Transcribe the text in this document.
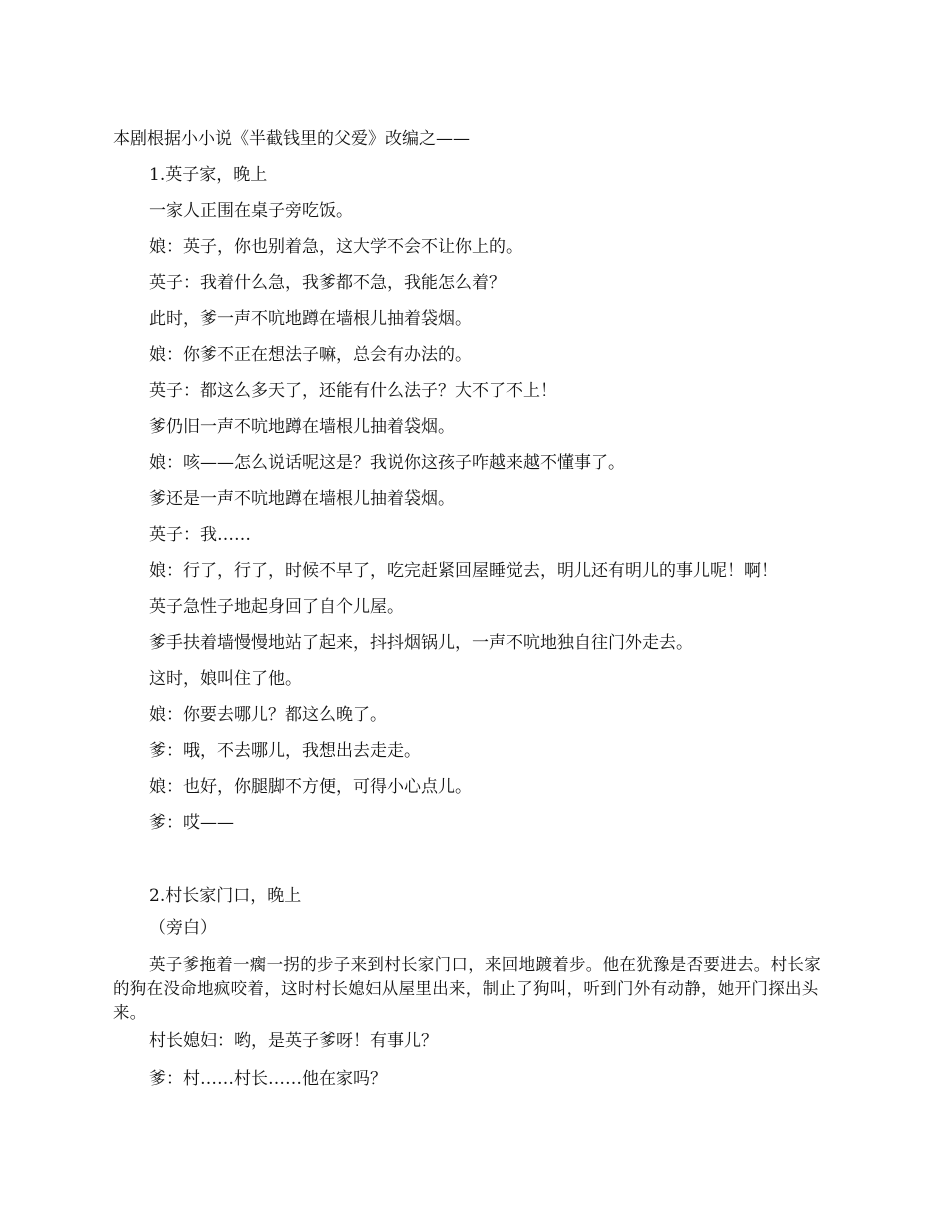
本剧根据小小说《半截钱里的父爱》改编之——
1.英子家，晚上
一家人正围在桌子旁吃饭。
娘：英子，你也别着急，这大学不会不让你上的。
英子：我着什么急，我爹都不急，我能怎么着？
此时，爹一声不吭地蹲在墙根儿抽着袋烟。
娘：你爹不正在想法子嘛，总会有办法的。
英子：都这么多天了，还能有什么法子？大不了不上！
爹仍旧一声不吭地蹲在墙根儿抽着袋烟。
娘：咳——怎么说话呢这是？我说你这孩子咋越来越不懂事了。
爹还是一声不吭地蹲在墙根儿抽着袋烟。
英子：我……
娘：行了，行了，时候不早了，吃完赶紧回屋睡觉去，明儿还有明儿的事儿呢！啊！
英子急性子地起身回了自个儿屋。
爹手扶着墙慢慢地站了起来，抖抖烟锅儿，一声不吭地独自往门外走去。
这时，娘叫住了他。
娘：你要去哪儿？都这么晚了。
爹：哦，不去哪儿，我想出去走走。
娘：也好，你腿脚不方便，可得小心点儿。
爹：哎——
2.村长家门口，晚上
（旁白）
英子爹拖着一瘸一拐的步子来到村长家门口，来回地踱着步。他在犹豫是否要进去。村长家的狗在没命地疯咬着，这时村长媳妇从屋里出来，制止了狗叫，听到门外有动静，她开门探出头来。
村长媳妇：哟，是英子爹呀！有事儿？
爹：村……村长……他在家吗？
